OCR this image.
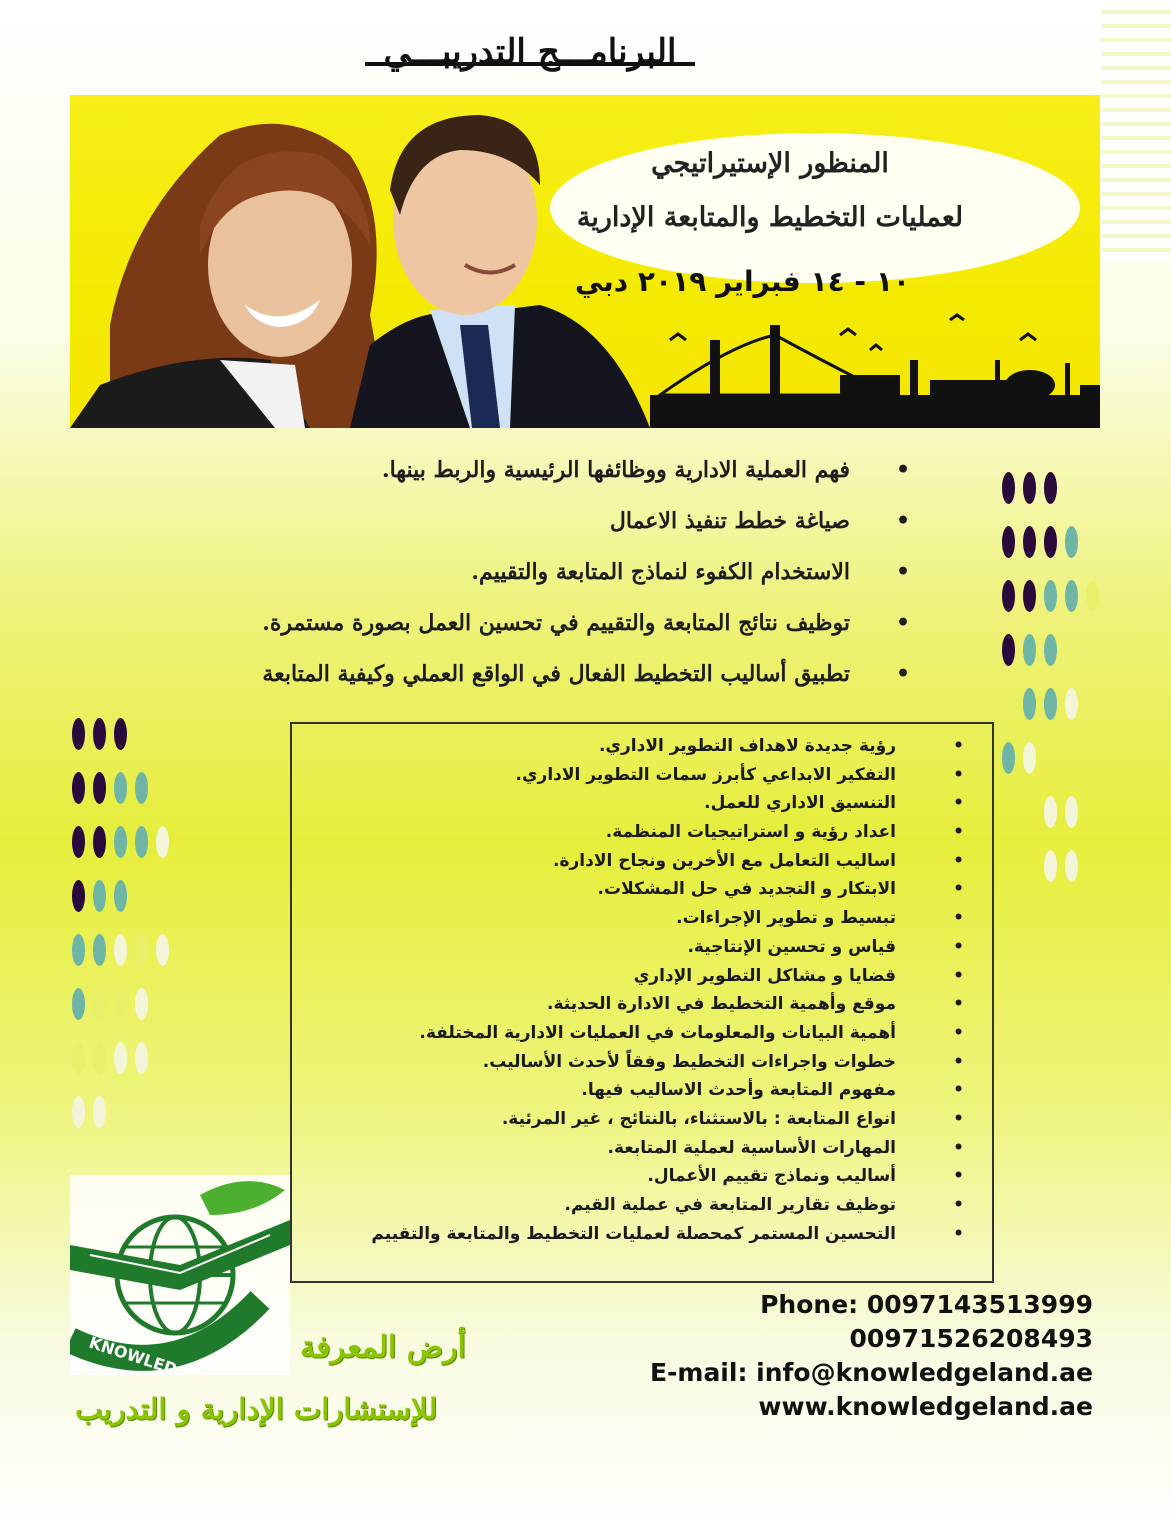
البرنامـــج التدريبـــي
المنظور الإستيراتيجي
لعمليات التخطيط والمتابعة الإدارية
١٠ - ١٤ فبراير ٢٠١٩ دبي
• فهم العملية الادارية ووظائفها الرئيسية والربط بينها.
• صياغة خطط تنفيذ الاعمال
• الاستخدام الكفوء لنماذج المتابعة والتقييم.
• توظيف نتائج المتابعة والتقييم في تحسين العمل بصورة مستمرة.
• تطبيق أساليب التخطيط الفعال في الواقع العملي وكيفية المتابعة
• رؤية جديدة لاهداف التطوير الاداري.
• التفكير الابداعي كأبرز سمات التطوير الاداري.
• التنسيق الاداري للعمل.
• اعداد رؤية و استراتيجيات المنظمة.
• اساليب التعامل مع الأخرين ونجاح الادارة.
• الابتكار و التجديد في حل المشكلات.
• تبسيط و تطوير الإجراءات.
• قياس و تحسين الإنتاجية.
• قضايا و مشاكل التطوير الإداري
• موقع وأهمية التخطيط في الادارة الحديثة.
• أهمية البيانات والمعلومات في العمليات الادارية المختلفة.
• خطوات واجراءات التخطيط وفقاً لأحدث الأساليب.
• مفهوم المتابعة وأحدث الاساليب فيها.
• انواع المتابعة : بالاستثناء، بالنتائج ، غير المرئية.
• المهارات الأساسية لعملية المتابعة.
• أساليب ونماذج تقييم الأعمال.
• توظيف تقارير المتابعة في عملية القيم.
• التحسين المستمر كمحصلة لعمليات التخطيط والمتابعة والتقييم
أرض المعرفة
للإستشارات الإدارية و التدريب
Phone: 0097143513999
00971526208493
E-mail: info@knowledgeland.ae
www.knowledgeland.ae
